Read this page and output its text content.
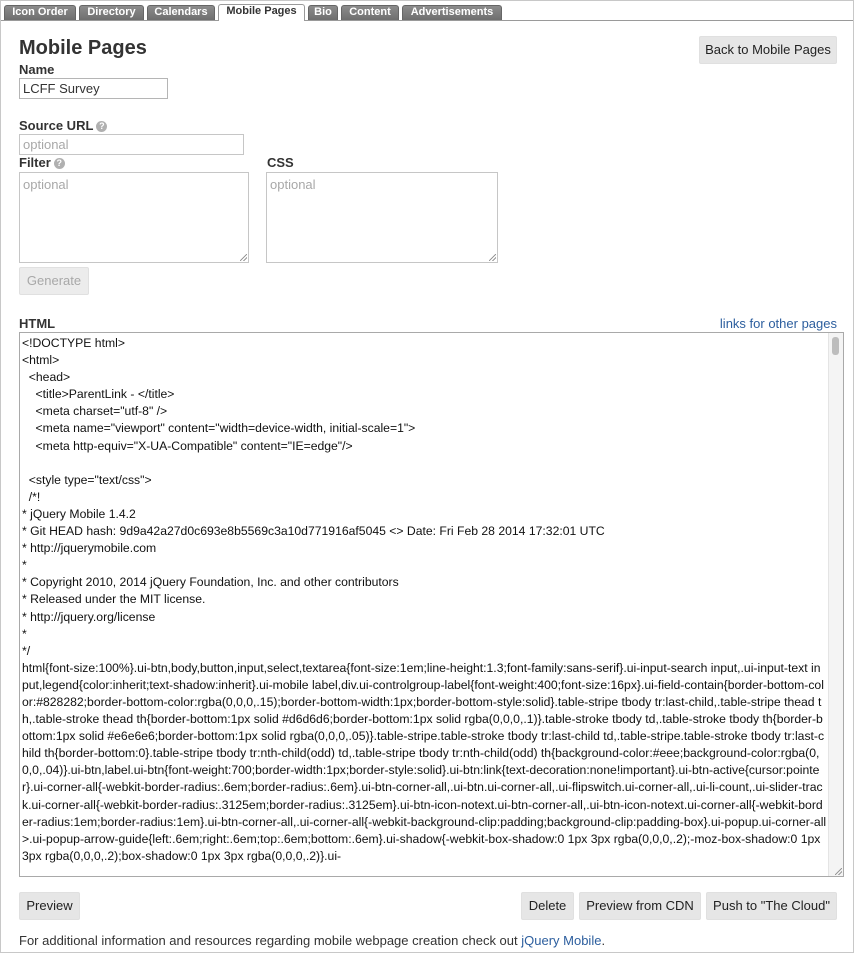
Icon Order	Directory	Calendars	Mobile Pages	Bio	Content	Advertisements
Mobile Pages	Back to Mobile Pages
Name
LCFF Survey
Source URL ?
optional
Filter ?
optional
CSS
optional
Generate
HTML	links for other pages
<!DOCTYPE html>
<html>
<head>
<title>ParentLink - </title>
<meta charset="utf-8" />
<meta name="viewport" content="width=device-width, initial-scale=1">
<meta http-equiv="X-UA-Compatible" content="IE=edge"/>

<style type="text/css">
/*!
* jQuery Mobile 1.4.2
* Git HEAD hash: 9d9a42a27d0c693e8b5569c3a10d771916af5045 <> Date: Fri Feb 28 2014 17:32:01 UTC
* http://jquerymobile.com
*
* Copyright 2010, 2014 jQuery Foundation, Inc. and other contributors
* Released under the MIT license.
* http://jquery.org/license
*
*/
html{font-size:100%}.ui-btn,body,button,input,select,textarea{font-size:1em;line-height:1.3;font-family:sans-serif}.ui-input-search input,.ui-input-text input,legend{color:inherit;text-shadow:inherit}.ui-mobile label,div.ui-controlgroup-label{font-weight:400;font-size:16px}.ui-field-contain{border-bottom-color:#828282;border-bottom-color:rgba(0,0,0,.15);border-bottom-width:1px;border-bottom-style:solid}.table-stripe tbody tr:last-child,.table-stripe thead th,.table-stroke thead th{border-bottom:1px solid #d6d6d6;border-bottom:1px solid rgba(0,0,0,.1)}.table-stroke tbody td,.table-stroke tbody th{border-bottom:1px solid #e6e6e6;border-bottom:1px solid rgba(0,0,0,.05)}.table-stripe.table-stroke tbody tr:last-child td,.table-stripe.table-stroke tbody tr:last-child th{border-bottom:0}.table-stripe tbody tr:nth-child(odd) td,.table-stripe tbody tr:nth-child(odd) th{background-color:#eee;background-color:rgba(0,0,0,.04)}.ui-btn,label.ui-btn{font-weight:700;border-width:1px;border-style:solid}.ui-btn:link{text-decoration:none!important}.ui-btn-active{cursor:pointer}.ui-corner-all{-webkit-border-radius:.6em;border-radius:.6em}.ui-btn-corner-all,.ui-btn.ui-corner-all,.ui-flipswitch.ui-corner-all,.ui-li-count,.ui-slider-track.ui-corner-all{-webkit-border-radius:.3125em;border-radius:.3125em}.ui-btn-icon-notext.ui-btn-corner-all,.ui-btn-icon-notext.ui-corner-all{-webkit-border-radius:1em;border-radius:1em}.ui-btn-corner-all,.ui-corner-all{-webkit-background-clip:padding;background-clip:padding-box}.ui-popup.ui-corner-all>.ui-popup-arrow-guide{left:.6em;right:.6em;top:.6em;bottom:.6em}.ui-shadow{-webkit-box-shadow:0 1px 3px rgba(0,0,0,.2);-moz-box-shadow:0 1px 3px rgba(0,0,0,.2);box-shadow:0 1px 3px rgba(0,0,0,.2)}.ui-
Preview	Delete	Preview from CDN	Push to "The Cloud"
For additional information and resources regarding mobile webpage creation check out jQuery Mobile.
